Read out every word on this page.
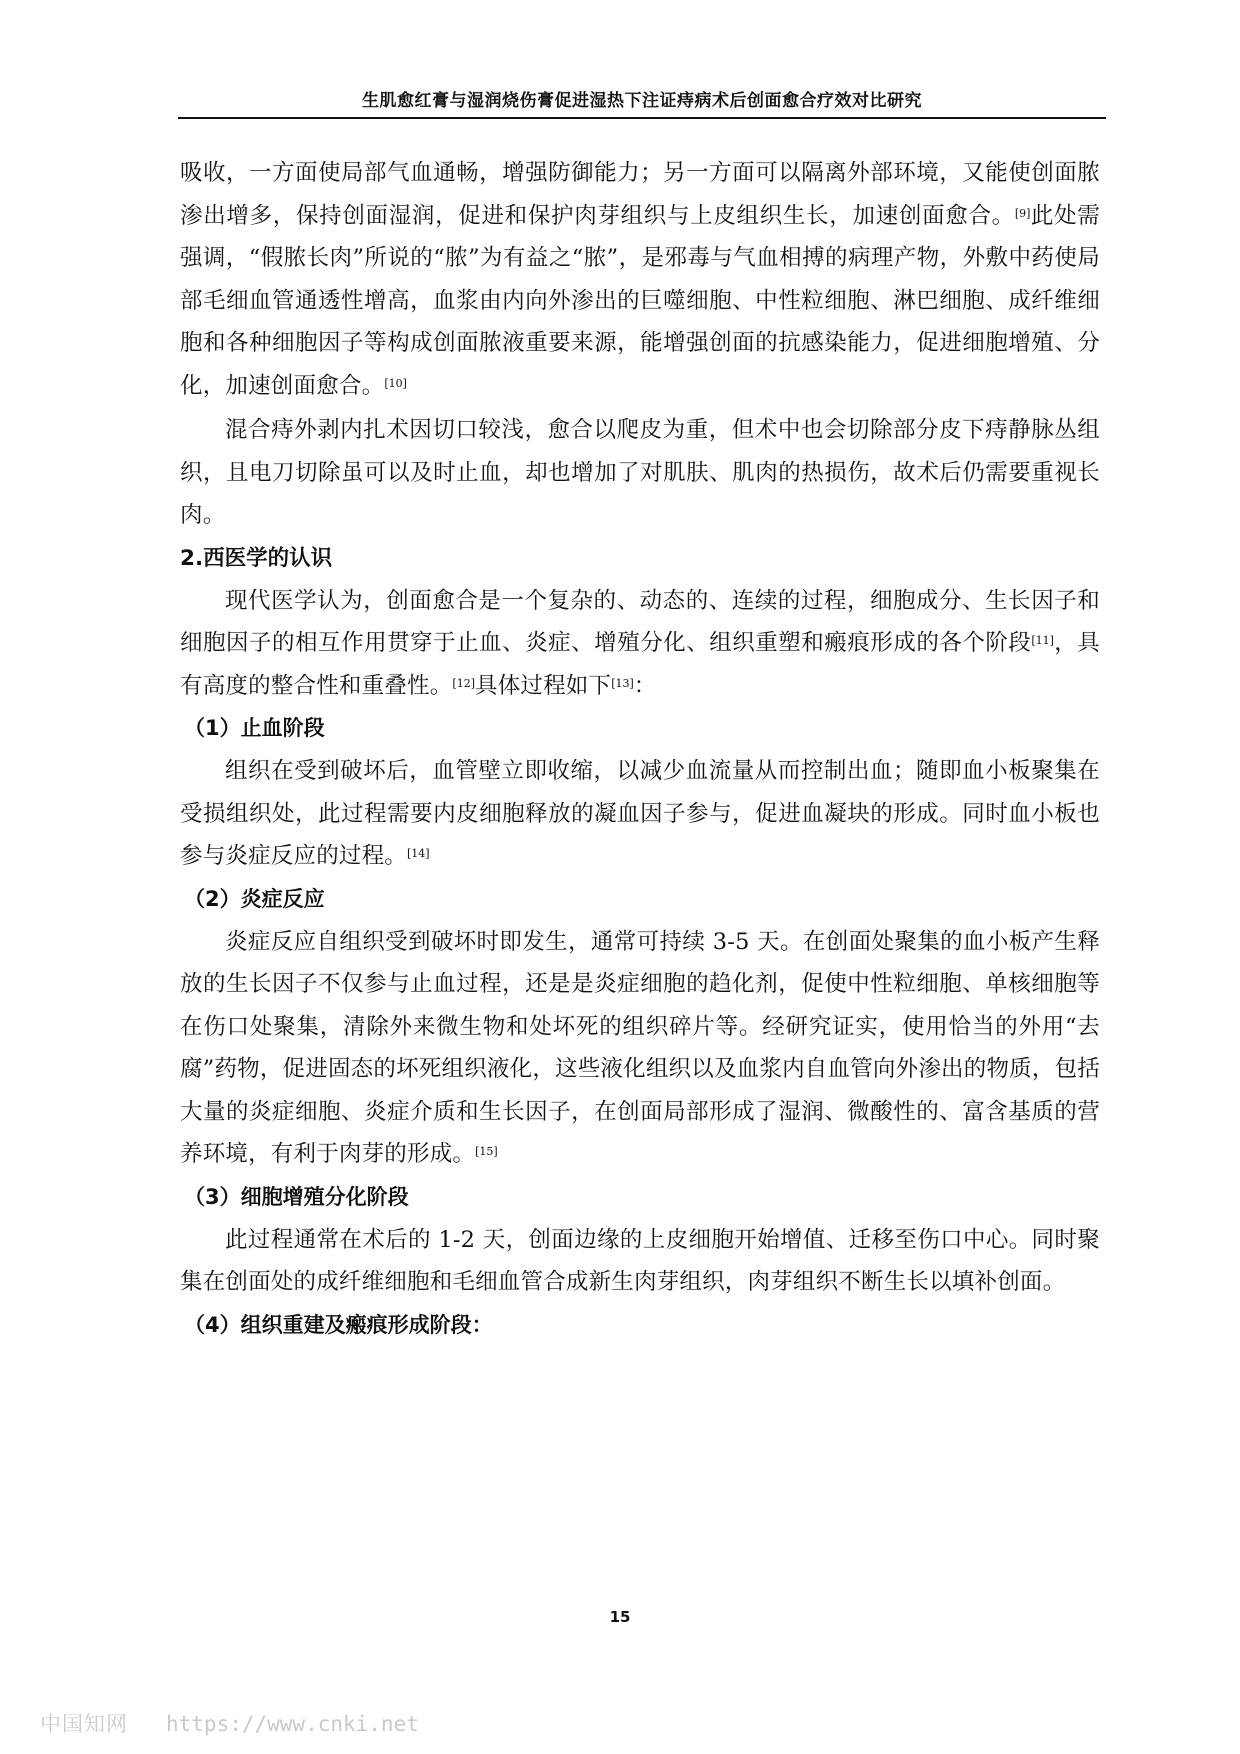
生肌愈红膏与湿润烧伤膏促进湿热下注证痔病术后创面愈合疗效对比研究

吸收，一方面使局部气血通畅，增强防御能力；另一方面可以隔离外部环境，又能使创面脓渗出增多，保持创面湿润，促进和保护肉芽组织与上皮组织生长，加速创面愈合。[9]此处需强调，“假脓长肉”所说的“脓”为有益之“脓”，是邪毒与气血相搏的病理产物，外敷中药使局部毛细血管通透性增高，血浆由内向外渗出的巨噬细胞、中性粒细胞、淋巴细胞、成纤维细胞和各种细胞因子等构成创面脓液重要来源，能增强创面的抗感染能力，促进细胞增殖、分化，加速创面愈合。[10]

混合痔外剥内扎术因切口较浅，愈合以爬皮为重，但术中也会切除部分皮下痔静脉丛组织，且电刀切除虽可以及时止血，却也增加了对肌肤、肌肉的热损伤，故术后仍需要重视长肉。

2.西医学的认识

现代医学认为，创面愈合是一个复杂的、动态的、连续的过程，细胞成分、生长因子和细胞因子的相互作用贯穿于止血、炎症、增殖分化、组织重塑和瘢痕形成的各个阶段[11]，具有高度的整合性和重叠性。[12]具体过程如下[13]：

（1）止血阶段

组织在受到破坏后，血管壁立即收缩，以减少血流量从而控制出血；随即血小板聚集在受损组织处，此过程需要内皮细胞释放的凝血因子参与，促进血凝块的形成。同时血小板也参与炎症反应的过程。[14]

（2）炎症反应

炎症反应自组织受到破坏时即发生，通常可持续 3-5 天。在创面处聚集的血小板产生释放的生长因子不仅参与止血过程，还是是炎症细胞的趋化剂，促使中性粒细胞、单核细胞等在伤口处聚集，清除外来微生物和处坏死的组织碎片等。经研究证实，使用恰当的外用“去腐”药物，促进固态的坏死组织液化，这些液化组织以及血浆内自血管向外渗出的物质，包括大量的炎症细胞、炎症介质和生长因子，在创面局部形成了湿润、微酸性的、富含基质的营养环境，有利于肉芽的形成。[15]

（3）细胞增殖分化阶段

此过程通常在术后的 1-2 天，创面边缘的上皮细胞开始增值、迁移至伤口中心。同时聚集在创面处的成纤维细胞和毛细血管合成新生肉芽组织，肉芽组织不断生长以填补创面。

（4）组织重建及瘢痕形成阶段：

15
中国知网 https://www.cnki.net
